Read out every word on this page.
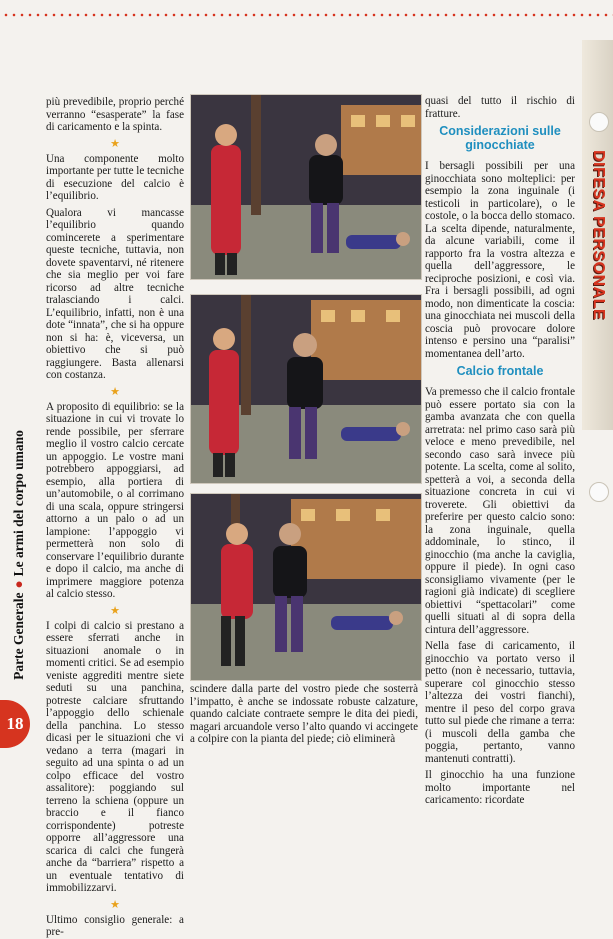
DIFESA PERSONALE
Parte Generale●Le armi del corpo umano
18

più prevedibile, proprio perché verranno “esasperate” la fase di caricamento e la spinta.

★

Una componente molto importante per tutte le tecniche di esecuzione del calcio è l’equilibrio.

Qualora vi mancasse l’equilibrio quando comincerete a sperimentare queste tecniche, tuttavia, non dovete spaventarvi, né ritenere che sia meglio per voi fare ricorso ad altre tecniche tralasciando i calci. L’equilibrio, infatti, non è una dote “innata”, che si ha oppure non si ha: è, viceversa, un obiettivo che si può raggiungere. Basta allenarsi con costanza.

★

A proposito di equilibrio: se la situazione in cui vi trovate lo rende possibile, per sferrare meglio il vostro calcio cercate un appoggio. Le vostre mani potrebbero appoggiarsi, ad esempio, alla portiera di un’automobile, o al corrimano di una scala, oppure stringersi attorno a un palo o ad un lampione: l’appoggio vi permetterà non solo di conservare l’equilibrio durante e dopo il calcio, ma anche di imprimere maggiore potenza al calcio stesso.

★

I colpi di calcio si prestano a essere sferrati anche in situazioni anomale o in momenti critici. Se ad esempio veniste aggrediti mentre siete seduti su una panchina, potreste calciare sfruttando l’appoggio dello schienale della panchina. Lo stesso dicasi per le situazioni che vi vedano a terra (magari in seguito ad una spinta o ad un colpo efficace del vostro assalitore): poggiando sul terreno la schiena (oppure un braccio e il fianco corrispondente) potreste opporre all’aggressore una scarica di calci che fungerà anche da “barriera” rispetto a un eventuale tentativo di immobilizzarvi.

★

Ultimo consiglio generale: a pre-

scindere dalla parte del vostro piede che sosterrà l’impatto, è anche se indossate robuste calzature, quando calciate contraete sempre le dita dei piedi, magari arcuandole verso l’alto quando vi accingete a colpire con la pianta del piede; ciò eliminerà

quasi del tutto il rischio di fratture.

Considerazioni sulle ginocchiate

I bersagli possibili per una ginocchiata sono molteplici: per esempio la zona inguinale (i testicoli in particolare), o le costole, o la bocca dello stomaco. La scelta dipende, naturalmente, da alcune variabili, come il rapporto fra la vostra altezza e quella dell’aggressore, le reciproche posizioni, e così via. Fra i bersagli possibili, ad ogni modo, non dimenticate la coscia: una ginocchiata nei muscoli della coscia può provocare dolore intenso e persino una “paralisi” momentanea dell’arto.

Calcio frontale

Va premesso che il calcio frontale può essere portato sia con la gamba avanzata che con quella arretrata: nel primo caso sarà più veloce e meno prevedibile, nel secondo caso sarà invece più potente. La scelta, come al solito, spetterà a voi, a seconda della situazione concreta in cui vi troverete. Gli obiettivi da preferire per questo calcio sono: la zona inguinale, quella addominale, lo stinco, il ginocchio (ma anche la caviglia, oppure il piede). In ogni caso sconsigliamo vivamente (per le ragioni già indicate) di scegliere obiettivi “spettacolari” come quelli situati al di sopra della cintura dell’aggressore.

Nella fase di caricamento, il ginocchio va portato verso il petto (non è necessario, tuttavia, superare col ginocchio stesso l’altezza dei vostri fianchi), mentre il peso del corpo grava tutto sul piede che rimane a terra: (i muscoli della gamba che poggia, pertanto, vanno mantenuti contratti).

Il ginocchio ha una funzione molto importante nel caricamento: ricordate
